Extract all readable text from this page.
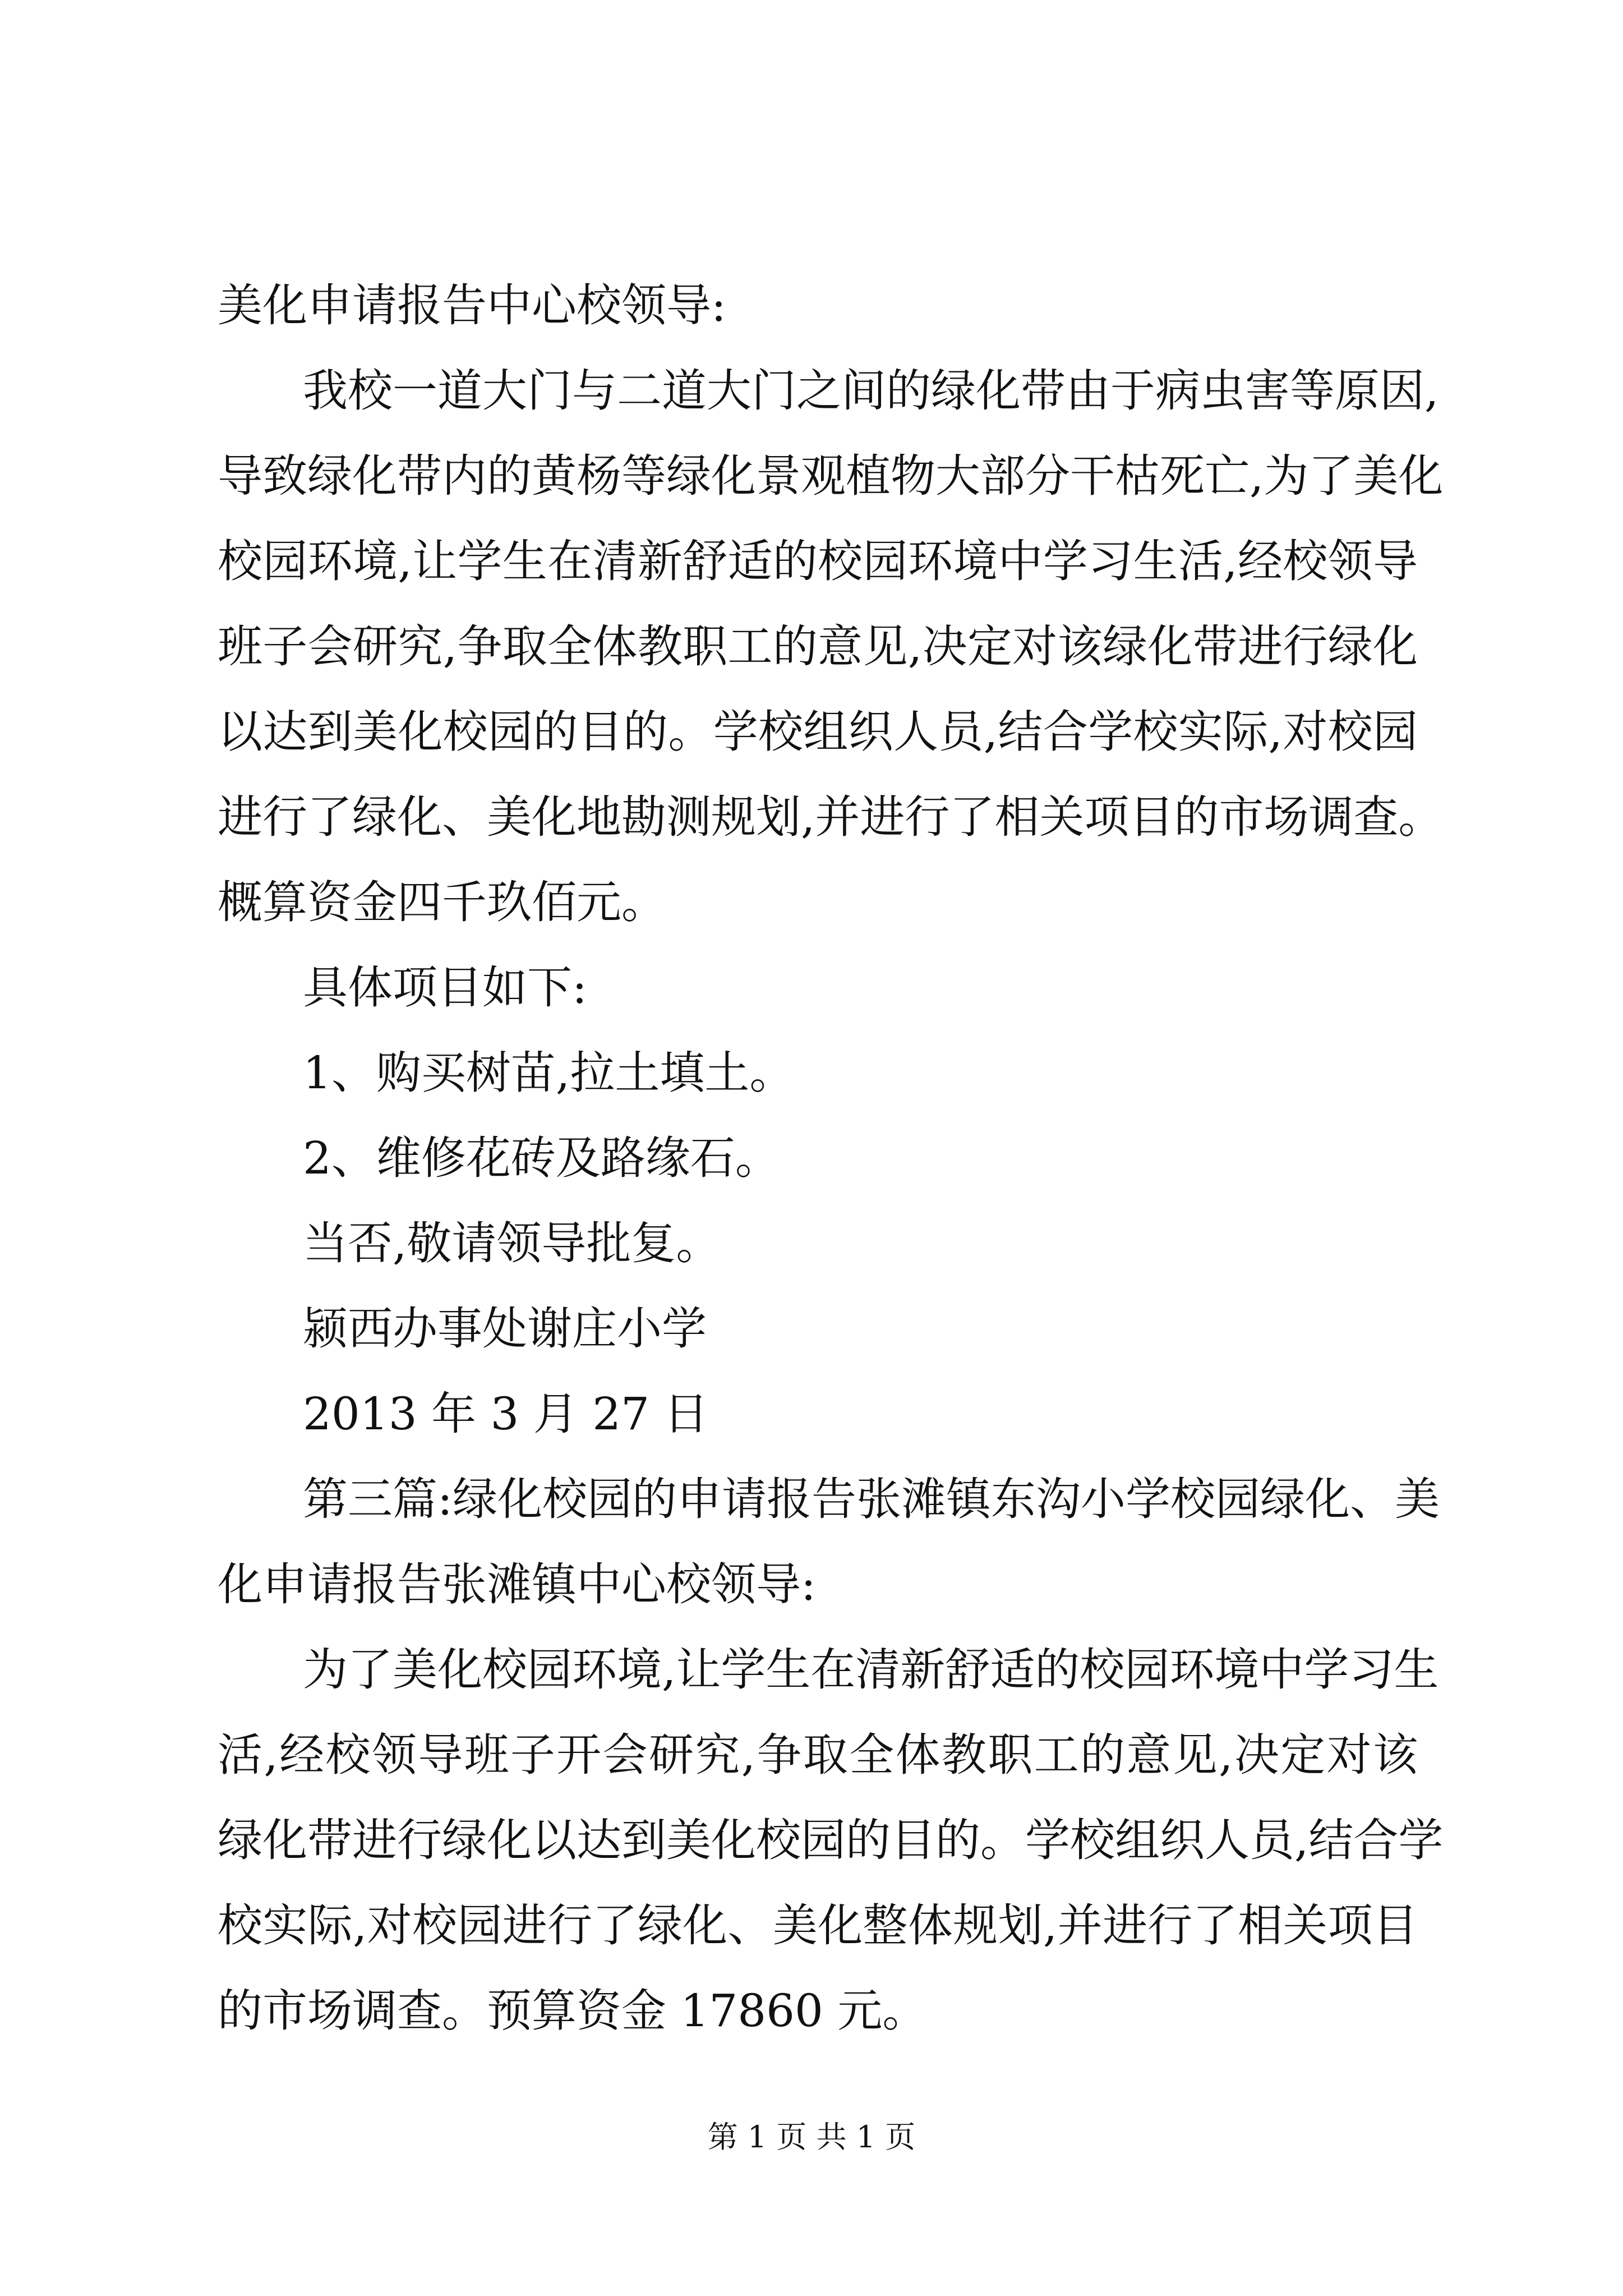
美化申请报告中心校领导:
我校一道大门与二道大门之间的绿化带由于病虫害等原因,
导致绿化带内的黄杨等绿化景观植物大部分干枯死亡,为了美化
校园环境,让学生在清新舒适的校园环境中学习生活,经校领导
班子会研究,争取全体教职工的意见,决定对该绿化带进行绿化
以达到美化校园的目的。学校组织人员,结合学校实际,对校园
进行了绿化、美化地勘测规划,并进行了相关项目的市场调查。
概算资金四千玖佰元。
具体项目如下:
1、购买树苗,拉土填土。
2、维修花砖及路缘石。
当否,敬请领导批复。
颍西办事处谢庄小学
2013 年 3 月 27 日
第三篇:绿化校园的申请报告张滩镇东沟小学校园绿化、美
化申请报告张滩镇中心校领导:
为了美化校园环境,让学生在清新舒适的校园环境中学习生
活,经校领导班子开会研究,争取全体教职工的意见,决定对该
绿化带进行绿化以达到美化校园的目的。学校组织人员,结合学
校实际,对校园进行了绿化、美化整体规划,并进行了相关项目
的市场调查。预算资金 17860 元。
第 1 页 共 1 页
